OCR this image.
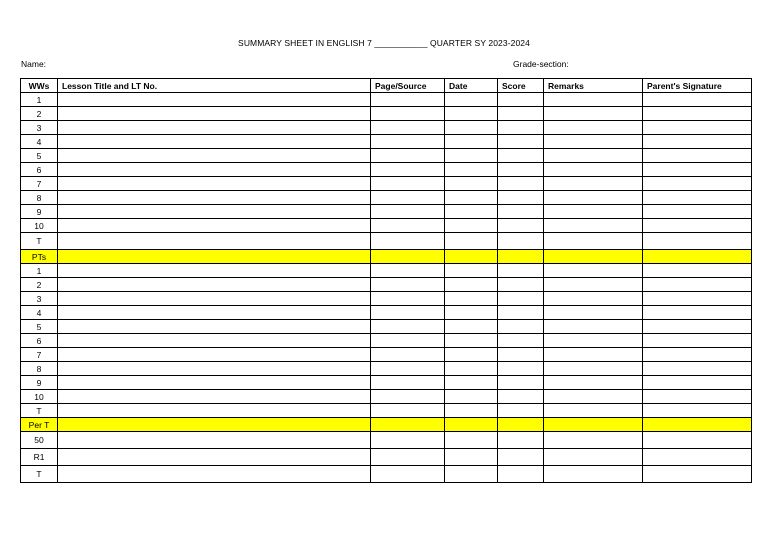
SUMMARY SHEET IN ENGLISH 7 ___________ QUARTER SY 2023-2024
Name:	Grade-section:
WWs	Lesson Title and LT No.	Page/Source	Date	Score	Remarks	Parent's Signature
1						
2						
3						
4						
5						
6						
7						
8						
9						
10						
T						
PTs						
1						
2						
3						
4						
5						
6						
7						
8						
9						
10						
T						
Per T						
50						
R1						
T						
